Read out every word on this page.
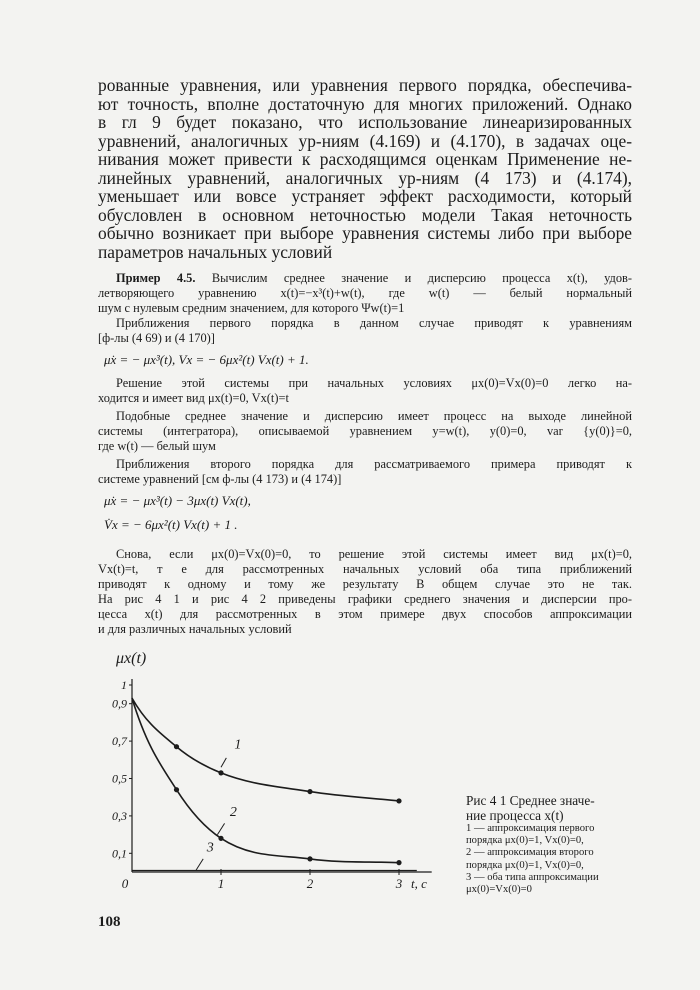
рованные уравнения, или уравнения первого порядка, обеспечива-

ют точность, вполне достаточную для многих приложений. Однако

в гл 9 будет показано, что использование линеаризированных

уравнений, аналогичных ур-ниям (4.169) и (4.170), в задачах оце-

нивания может привести к расходящимся оценкам Применение не-

линейных уравнений, аналогичных ур-ниям (4 173) и (4.174),

уменьшает или вовсе устраняет эффект расходимости, который

обусловлен в основном неточностью модели Такая неточность

обычно возникает при выборе уравнения системы либо при выборе

параметров начальных условий

Пример 4.5. Вычислим среднее значение и дисперсию процесса x(t), удов-

летворяющего уравнению x(t)=−x³(t)+w(t), где w(t) — белый нормальный

шум с нулевым средним значением, для которого Ψw(t)=1

Приближения первого порядка в данном случае приводят к уравнениям

[ф-лы (4 69) и (4 170)]

μ̇x = − μx³(t), Vx = − 6μx²(t) Vx(t) + 1.

Решение этой системы при начальных условиях μx(0)=Vx(0)=0 легко на-

ходится и имеет вид μx(t)=0, Vx(t)=t

Подобные среднее значение и дисперсию имеет процесс на выходе линейной

системы (интегратора), описываемой уравнением y=w(t), y(0)=0, var {y(0)}=0,

где w(t) — белый шум

Приближения второго порядка для рассматриваемого примера приводят к

системе уравнений [см ф-лы (4 173) и (4 174)]

μ̇x = − μx³(t) − 3μx(t) Vx(t),
V̇x = − 6μx²(t) Vx(t) + 1 .

Снова, если μx(0)=Vx(0)=0, то решение этой системы имеет вид μx(t)=0,

Vx(t)=t, т е для рассмотренных начальных условий оба типа приближений

приводят к одному и тому же результату В общем случае это не так.

На рис 4 1 и рис 4 2 приведены графики среднего значения и дисперсии про-

цесса x(t) для рассмотренных в этом примере двух способов аппроксимации

и для различных начальных условий

0,1
0,3
0,5
0,7
0,9
1
0	1	2	3 t, c
μx(t)
1
2
3

Рис 4 1 Среднее значе-

ние процесса x(t)

1 — аппроксимация первого

порядка μx(0)=1, Vx(0)=0,

2 — аппроксимация второго

порядка μx(0)=1, Vx(0)=0,

3 — оба типа аппроксимации

μx(0)=Vx(0)=0

108
